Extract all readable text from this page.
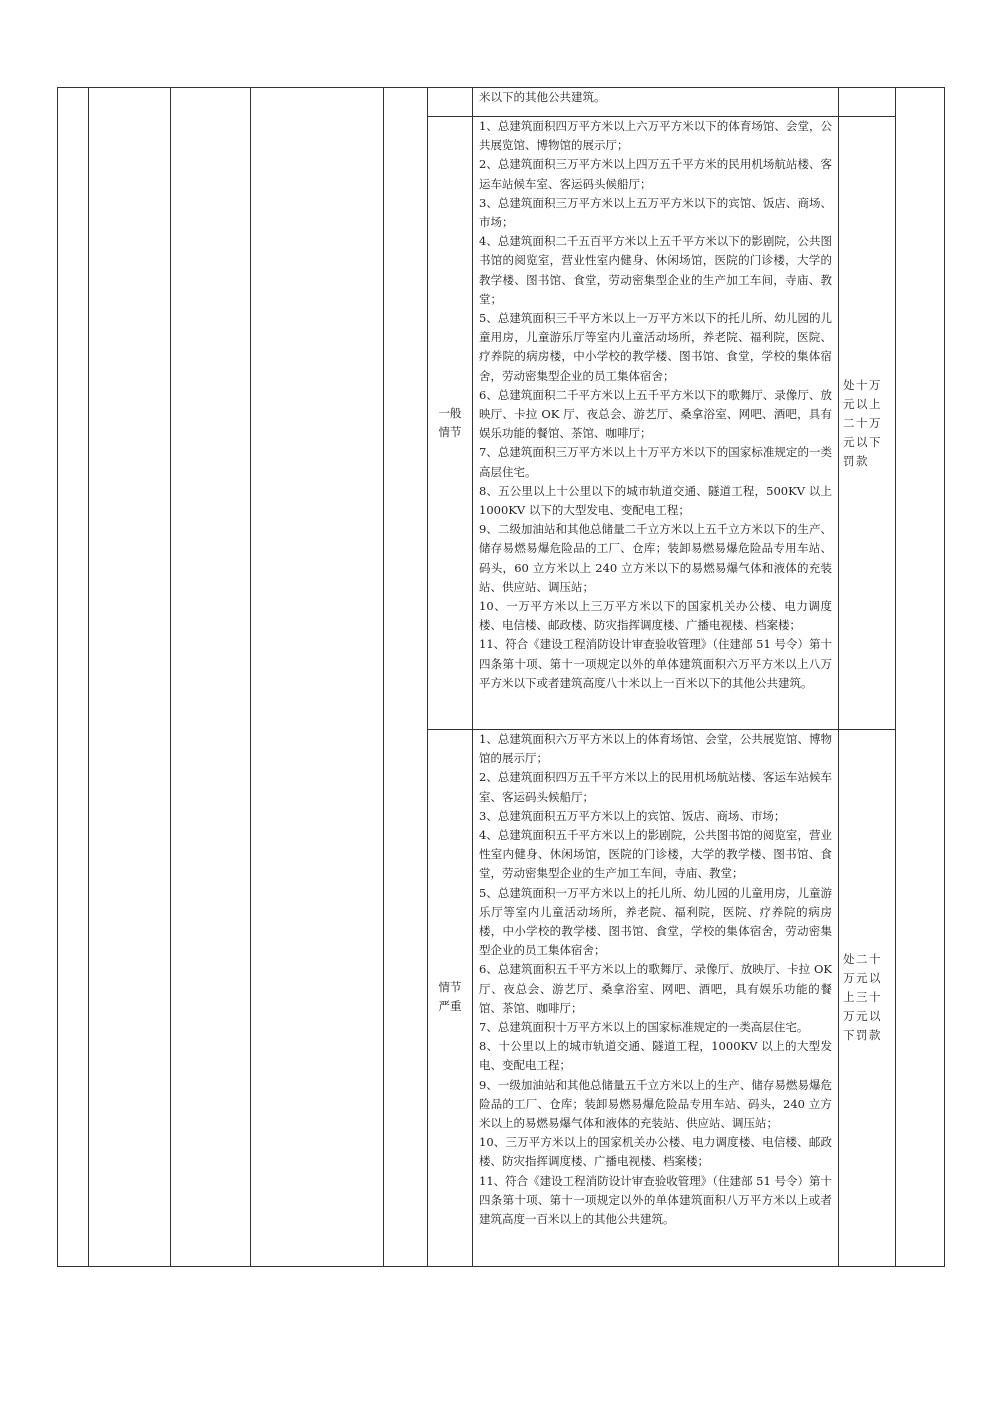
米以下的其他公共建筑。
一般
情节
1、总建筑面积四万平方米以上六万平方米以下的体育场馆、会堂，公共展览馆、博物馆的展示厅；
2、总建筑面积三万平方米以上四万五千平方米的民用机场航站楼、客运车站候车室、客运码头候船厅；
3、总建筑面积三万平方米以上五万平方米以下的宾馆、饭店、商场、市场；
4、总建筑面积二千五百平方米以上五千平方米以下的影剧院，公共图书馆的阅览室，营业性室内健身、休闲场馆，医院的门诊楼，大学的教学楼、图书馆、食堂，劳动密集型企业的生产加工车间，寺庙、教堂；
5、总建筑面积三千平方米以上一万平方米以下的托儿所、幼儿园的儿童用房，儿童游乐厅等室内儿童活动场所，养老院、福利院，医院、疗养院的病房楼，中小学校的教学楼、图书馆、食堂，学校的集体宿舍，劳动密集型企业的员工集体宿舍；
6、总建筑面积二千平方米以上五千平方米以下的歌舞厅、录像厅、放映厅、卡拉 OK 厅、夜总会、游艺厅、桑拿浴室、网吧、酒吧，具有娱乐功能的餐馆、茶馆、咖啡厅；
7、总建筑面积三万平方米以上十万平方米以下的国家标准规定的一类高层住宅。
8、五公里以上十公里以下的城市轨道交通、隧道工程，500KV 以上 1000KV 以下的大型发电、变配电工程；
9、二级加油站和其他总储量二千立方米以上五千立方米以下的生产、储存易燃易爆危险品的工厂、仓库；装卸易燃易爆危险品专用车站、码头，60 立方米以上 240 立方米以下的易燃易爆气体和液体的充装站、供应站、调压站；
10、一万平方米以上三万平方米以下的国家机关办公楼、电力调度楼、电信楼、邮政楼、防灾指挥调度楼、广播电视楼、档案楼；
11、符合《建设工程消防设计审查验收管理》（住建部 51 号令）第十四条第十项、第十一项规定以外的单体建筑面积六万平方米以上八万平方米以下或者建筑高度八十米以上一百米以下的其他公共建筑。
处十万
元以上
二十万
元以下
罚款
情节
严重
1、总建筑面积六万平方米以上的体育场馆、会堂，公共展览馆、博物馆的展示厅；
2、总建筑面积四万五千平方米以上的民用机场航站楼、客运车站候车室、客运码头候船厅；
3、总建筑面积五万平方米以上的宾馆、饭店、商场、市场；
4、总建筑面积五千平方米以上的影剧院，公共图书馆的阅览室，营业性室内健身、休闲场馆，医院的门诊楼，大学的教学楼、图书馆、食堂，劳动密集型企业的生产加工车间，寺庙、教堂；
5、总建筑面积一万平方米以上的托儿所、幼儿园的儿童用房，儿童游乐厅等室内儿童活动场所，养老院、福利院，医院、疗养院的病房楼，中小学校的教学楼、图书馆、食堂，学校的集体宿舍，劳动密集型企业的员工集体宿舍；
6、总建筑面积五千平方米以上的歌舞厅、录像厅、放映厅、卡拉 OK 厅、夜总会、游艺厅、桑拿浴室、网吧、酒吧，具有娱乐功能的餐馆、茶馆、咖啡厅；
7、总建筑面积十万平方米以上的国家标准规定的一类高层住宅。
8、十公里以上的城市轨道交通、隧道工程，1000KV 以上的大型发电、变配电工程；
9、一级加油站和其他总储量五千立方米以上的生产、储存易燃易爆危险品的工厂、仓库；装卸易燃易爆危险品专用车站、码头，240 立方米以上的易燃易爆气体和液体的充装站、供应站、调压站；
10、三万平方米以上的国家机关办公楼、电力调度楼、电信楼、邮政楼、防灾指挥调度楼、广播电视楼、档案楼；
11、符合《建设工程消防设计审查验收管理》（住建部 51 号令）第十四条第十项、第十一项规定以外的单体建筑面积八万平方米以上或者建筑高度一百米以上的其他公共建筑。
处二十
万元以
上三十
万元以
下罚款
